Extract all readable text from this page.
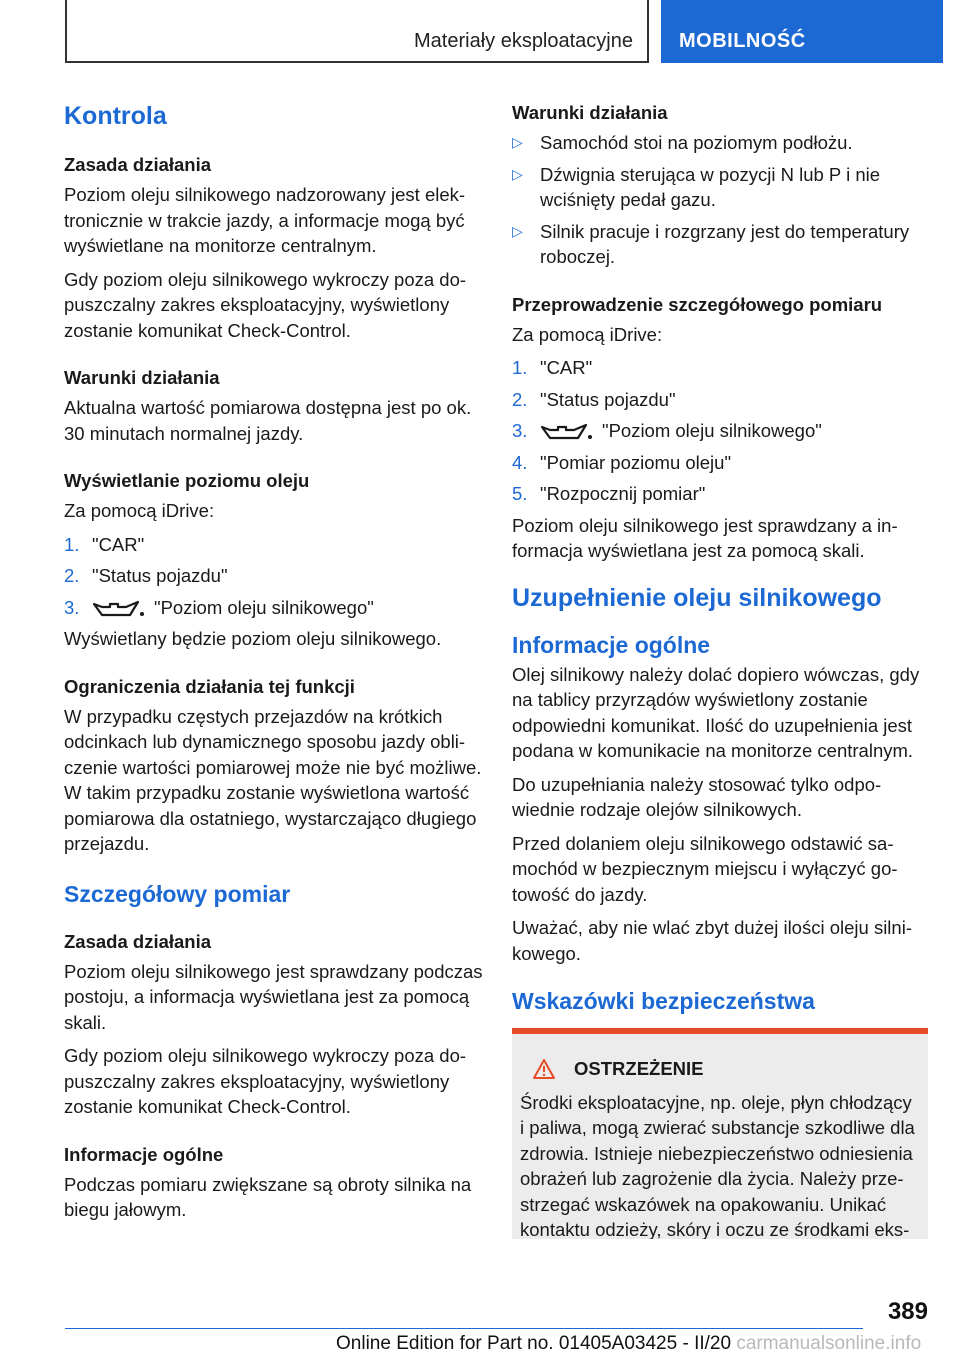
Materiały eksploatacyjne MOBILNOŚĆ
Kontrola
Zasada działania

Poziom oleju silnikowego nadzorowany jest elektronicznie w trakcie jazdy, a informacje mogą być wyświetlane na monitorze centralnym.

Gdy poziom oleju silnikowego wykroczy poza dopuszczalny zakres eksploatacyjny, wyświetlony zostanie komunikat Check-Control.

Warunki działania

Aktualna wartość pomiarowa dostępna jest po ok. 30 minutach normalnej jazdy.

Wyświetlanie poziomu oleju

Za pomocą iDrive:

1. "CAR"
2. "Status pojazdu"
3.	"Poziom oleju silnikowego"

Wyświetlany będzie poziom oleju silnikowego.

Ograniczenia działania tej funkcji

W przypadku częstych przejazdów na krótkich odcinkach lub dynamicznego sposobu jazdy obliczenie wartości pomiarowej może nie być możliwe. W takim przypadku zostanie wyświetlona wartość pomiarowa dla ostatniego, wystarczająco długiego przejazdu.

Szczegółowy pomiar
Zasada działania

Poziom oleju silnikowego jest sprawdzany podczas postoju, a informacja wyświetlana jest za pomocą skali.

Gdy poziom oleju silnikowego wykroczy poza dopuszczalny zakres eksploatacyjny, wyświetlony zostanie komunikat Check-Control.

Informacje ogólne

Podczas pomiaru zwiększane są obroty silnika na biegu jałowym.

Warunki działania
▷ Samochód stoi na poziomym podłożu.
▷ Dźwignia sterująca w pozycji N lub P i nie wciśnięty pedał gazu.
▷ Silnik pracuje i rozgrzany jest do temperatury roboczej.
Przeprowadzenie szczegółowego pomiaru

Za pomocą iDrive:

1. "CAR"
2. "Status pojazdu"
3.	"Poziom oleju silnikowego"
4. "Pomiar poziomu oleju"
5. "Rozpocznij pomiar"

Poziom oleju silnikowego jest sprawdzany a informacja wyświetlana jest za pomocą skali.

Uzupełnienie oleju silnikowego
Informacje ogólne

Olej silnikowy należy dolać dopiero wówczas, gdy na tablicy przyrządów wyświetlony zostanie odpowiedni komunikat. Ilość do uzupełnienia jest podana w komunikacie na monitorze centralnym.

Do uzupełniania należy stosować tylko odpowiednie rodzaje olejów silnikowych.

Przed dolaniem oleju silnikowego odstawić samochód w bezpiecznym miejscu i wyłączyć gotowość do jazdy.

Uważać, aby nie wlać zbyt dużej ilości oleju silnikowego.

Wskazówki bezpieczeństwa
OSTRZEŻENIE

Środki eksploatacyjne, np. oleje, płyn chłodzący i paliwa, mogą zwierać substancje szkodliwe dla zdrowia. Istnieje niebezpieczeństwo odniesienia obrażeń lub zagrożenie dla życia. Należy przestrzegać wskazówek na opakowaniu. Unikać kontaktu odzieży, skóry i oczu ze środkami eks-

389
Online Edition for Part no. 01405A03425 - II/20 carmanualsonline.info
